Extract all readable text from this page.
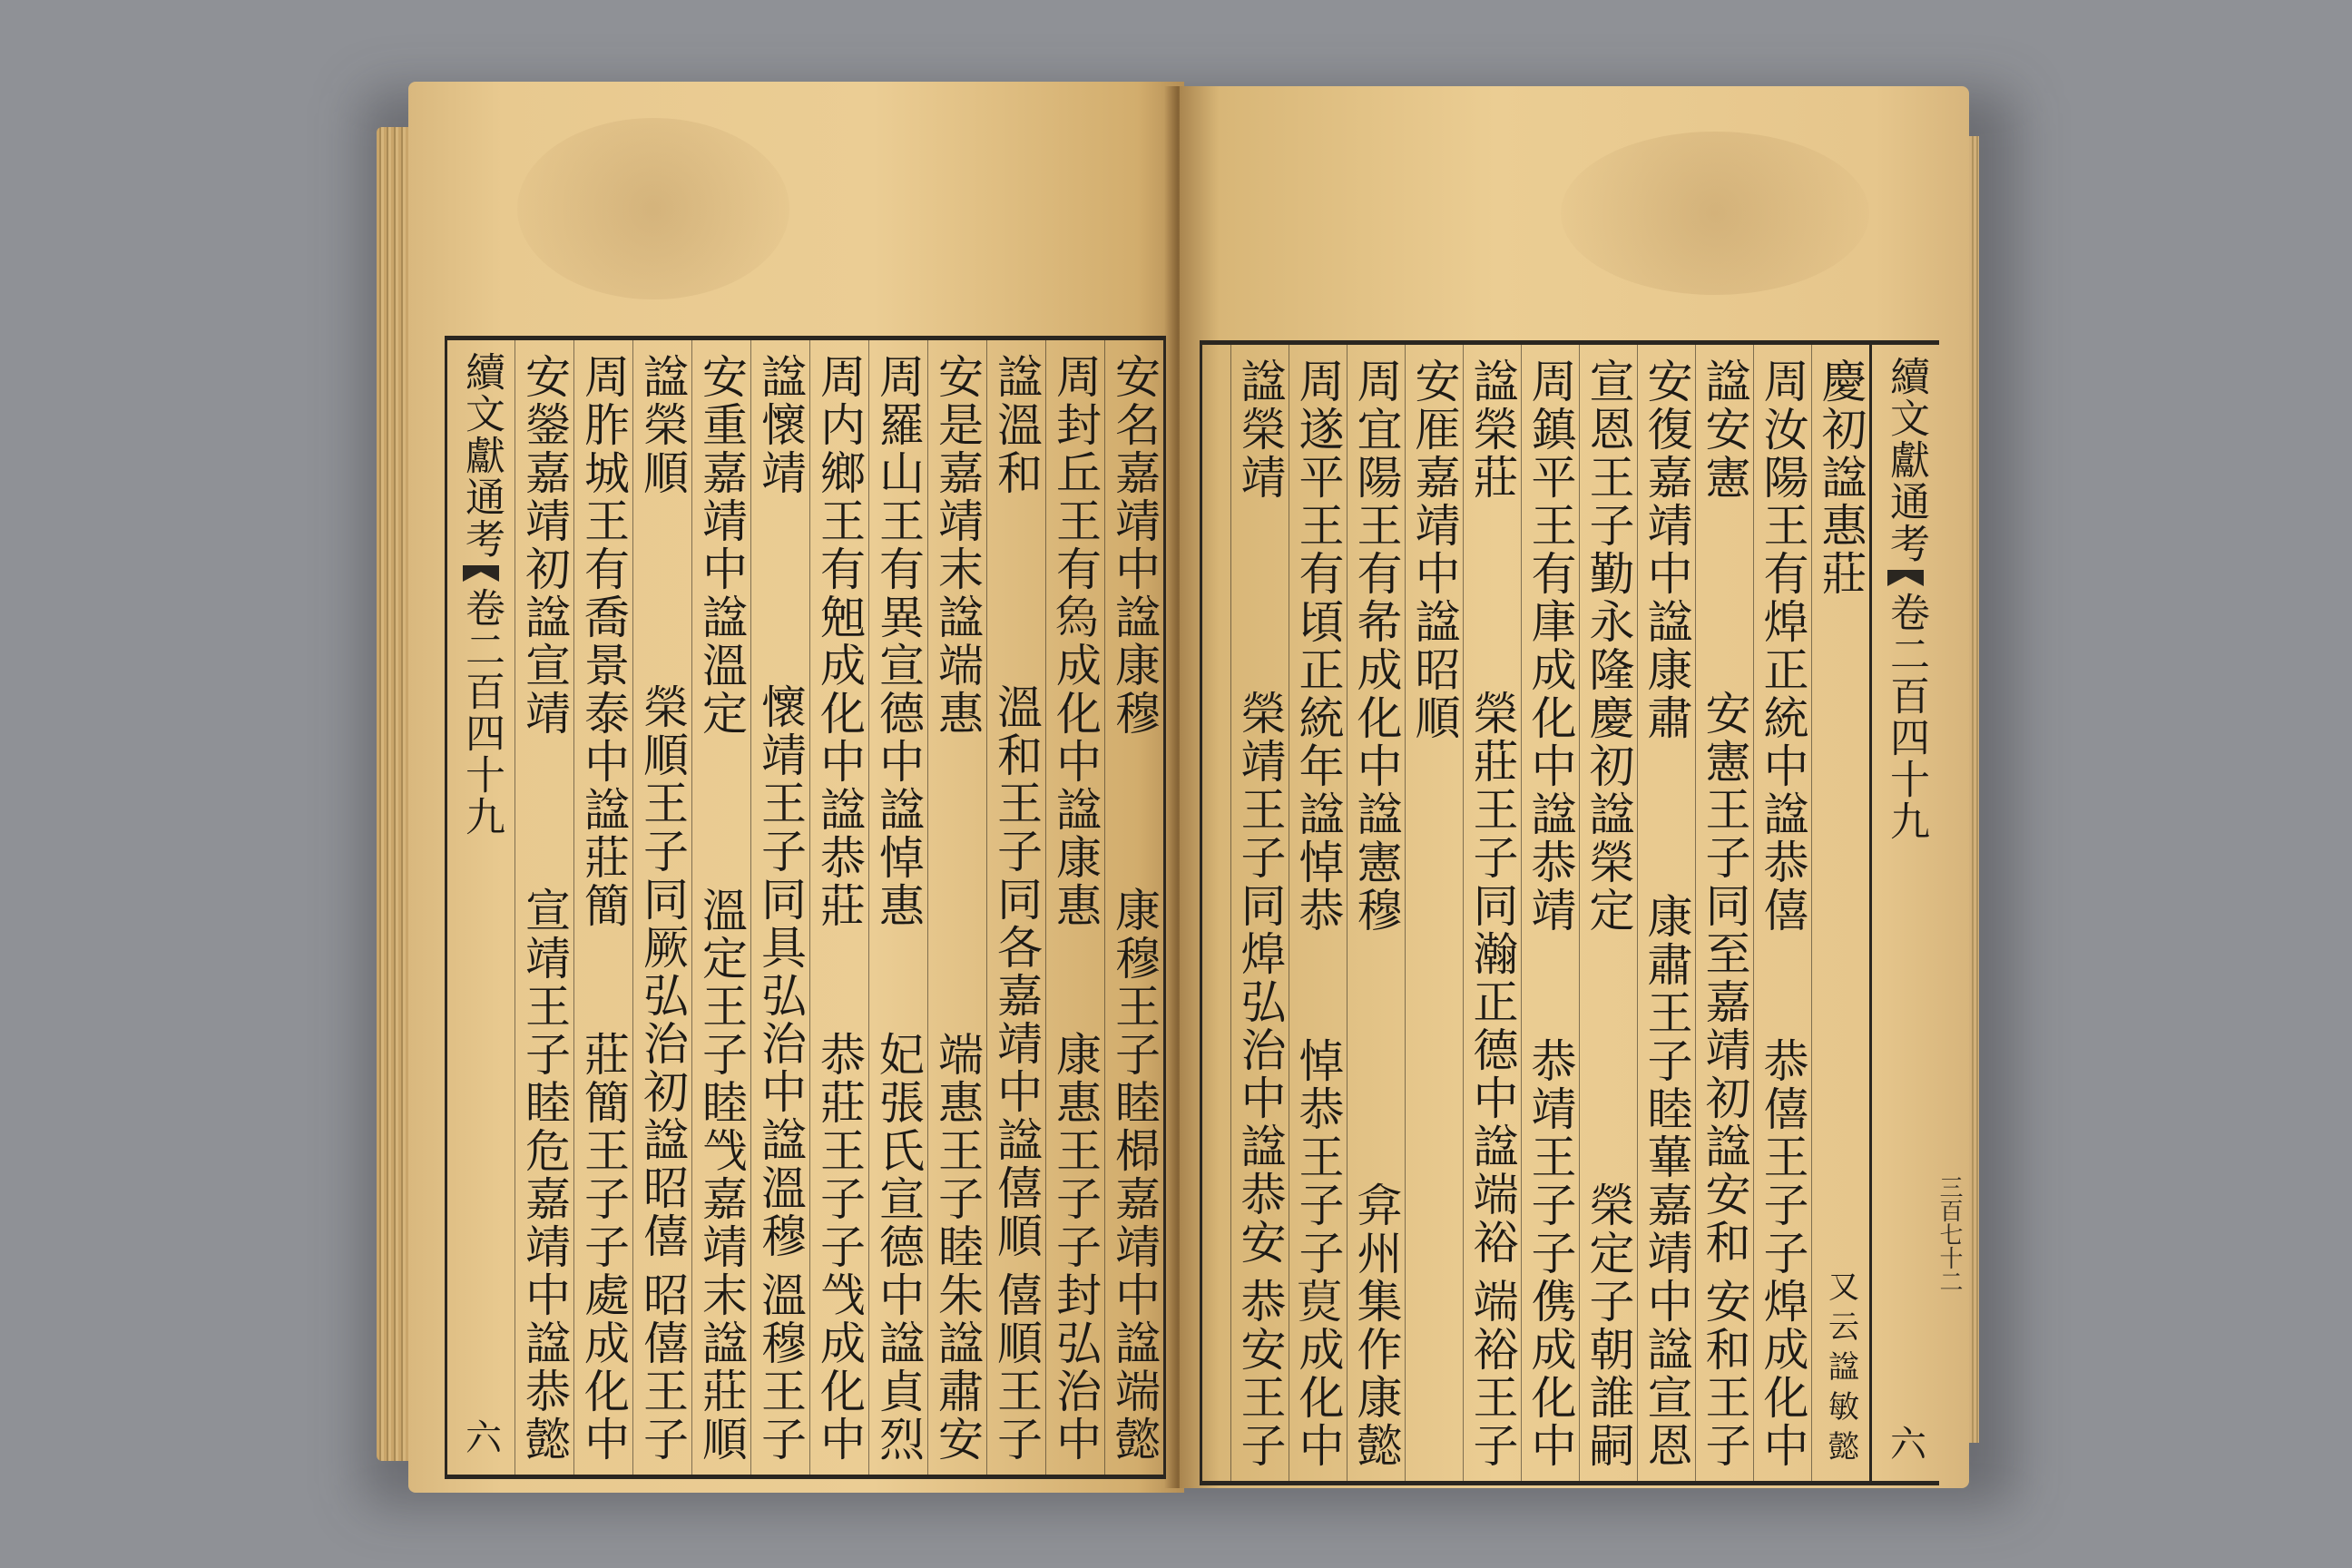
安名嘉靖中諡康穆
康穆王子睦㭿嘉靖中諡端懿
周封丘王有𤉢成化中諡康惠
康惠王子子封弘治中
諡溫和
溫和王子同各嘉靖中諡僖順
僖順王子
安是嘉靖末諡端惠
端惠王子睦朱諡肅安
周羅山王有異宣德中諡悼惠
妃張氏宣德中諡貞烈
周内鄉王有𣆶成化中諡恭莊
恭莊王子子㦰成化中
諡懷靖
懷靖王子同具弘治中諡溫穆
溫穆王子
安重嘉靖中諡溫定
溫定王子睦㦰嘉靖末諡莊順
諡榮順
榮順王子同厥弘治初諡昭僖
昭僖王子
周胙城王有喬景泰中諡莊簡
莊簡王子子處成化中
安鎣嘉靖初諡宣靖
宣靖王子睦危嘉靖中諡恭懿
續文獻通考
卷二百四十九
六
續文獻通考
卷二百四十九
六
慶初諡惠莊
又云諡敏懿
周汝陽王有㷆正統中諡恭僖
恭僖王子子㷆成化中
諡安憲
安憲王子同至嘉靖初諡安和
安和王子
安復嘉靖中諡康肅
康肅王子睦蓽嘉靖中諡宣恩
宣恩王子勤永隆慶初諡榮定
榮定子朝誰嗣
周鎮平王有㡽成化中諡恭靖
恭靖王子子㑺成化中
諡榮莊
榮莊王子同瀚正德中諡端裕
端裕王子
安㕍嘉靖中諡昭順
周宜陽王有㣇成化中諡憲穆
弇州集作康懿
周遂平王有頃正統年諡悼恭
悼恭王子子𤊾成化中
諡榮靖
榮靖王子同㷆弘治中諡恭安
恭安王子
三百七十二
